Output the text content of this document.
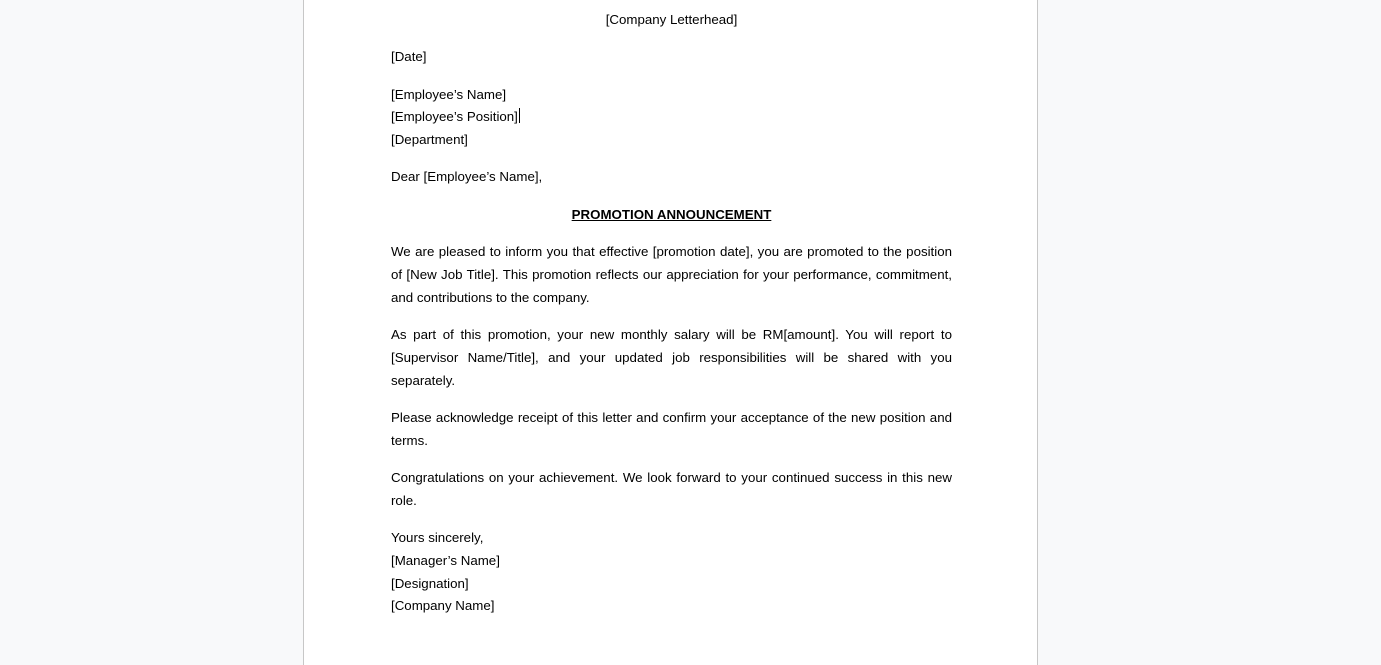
[Company Letterhead]

[Date]

[Employee’s Name]
[Employee’s Position]
[Department]

Dear [Employee’s Name],

PROMOTION ANNOUNCEMENT

We are pleased to inform you that effective [promotion date], you are promoted to the position of [New Job Title]. This promotion reflects our appreciation for your performance, commitment, and contributions to the company.

As part of this promotion, your new monthly salary will be RM[amount]. You will report to [Supervisor Name/Title], and your updated job responsibilities will be shared with you separately.

Please acknowledge receipt of this letter and confirm your acceptance of the new position and terms.

Congratulations on your achievement. We look forward to your continued success in this new role.

Yours sincerely,
[Manager’s Name]
[Designation]
[Company Name]
